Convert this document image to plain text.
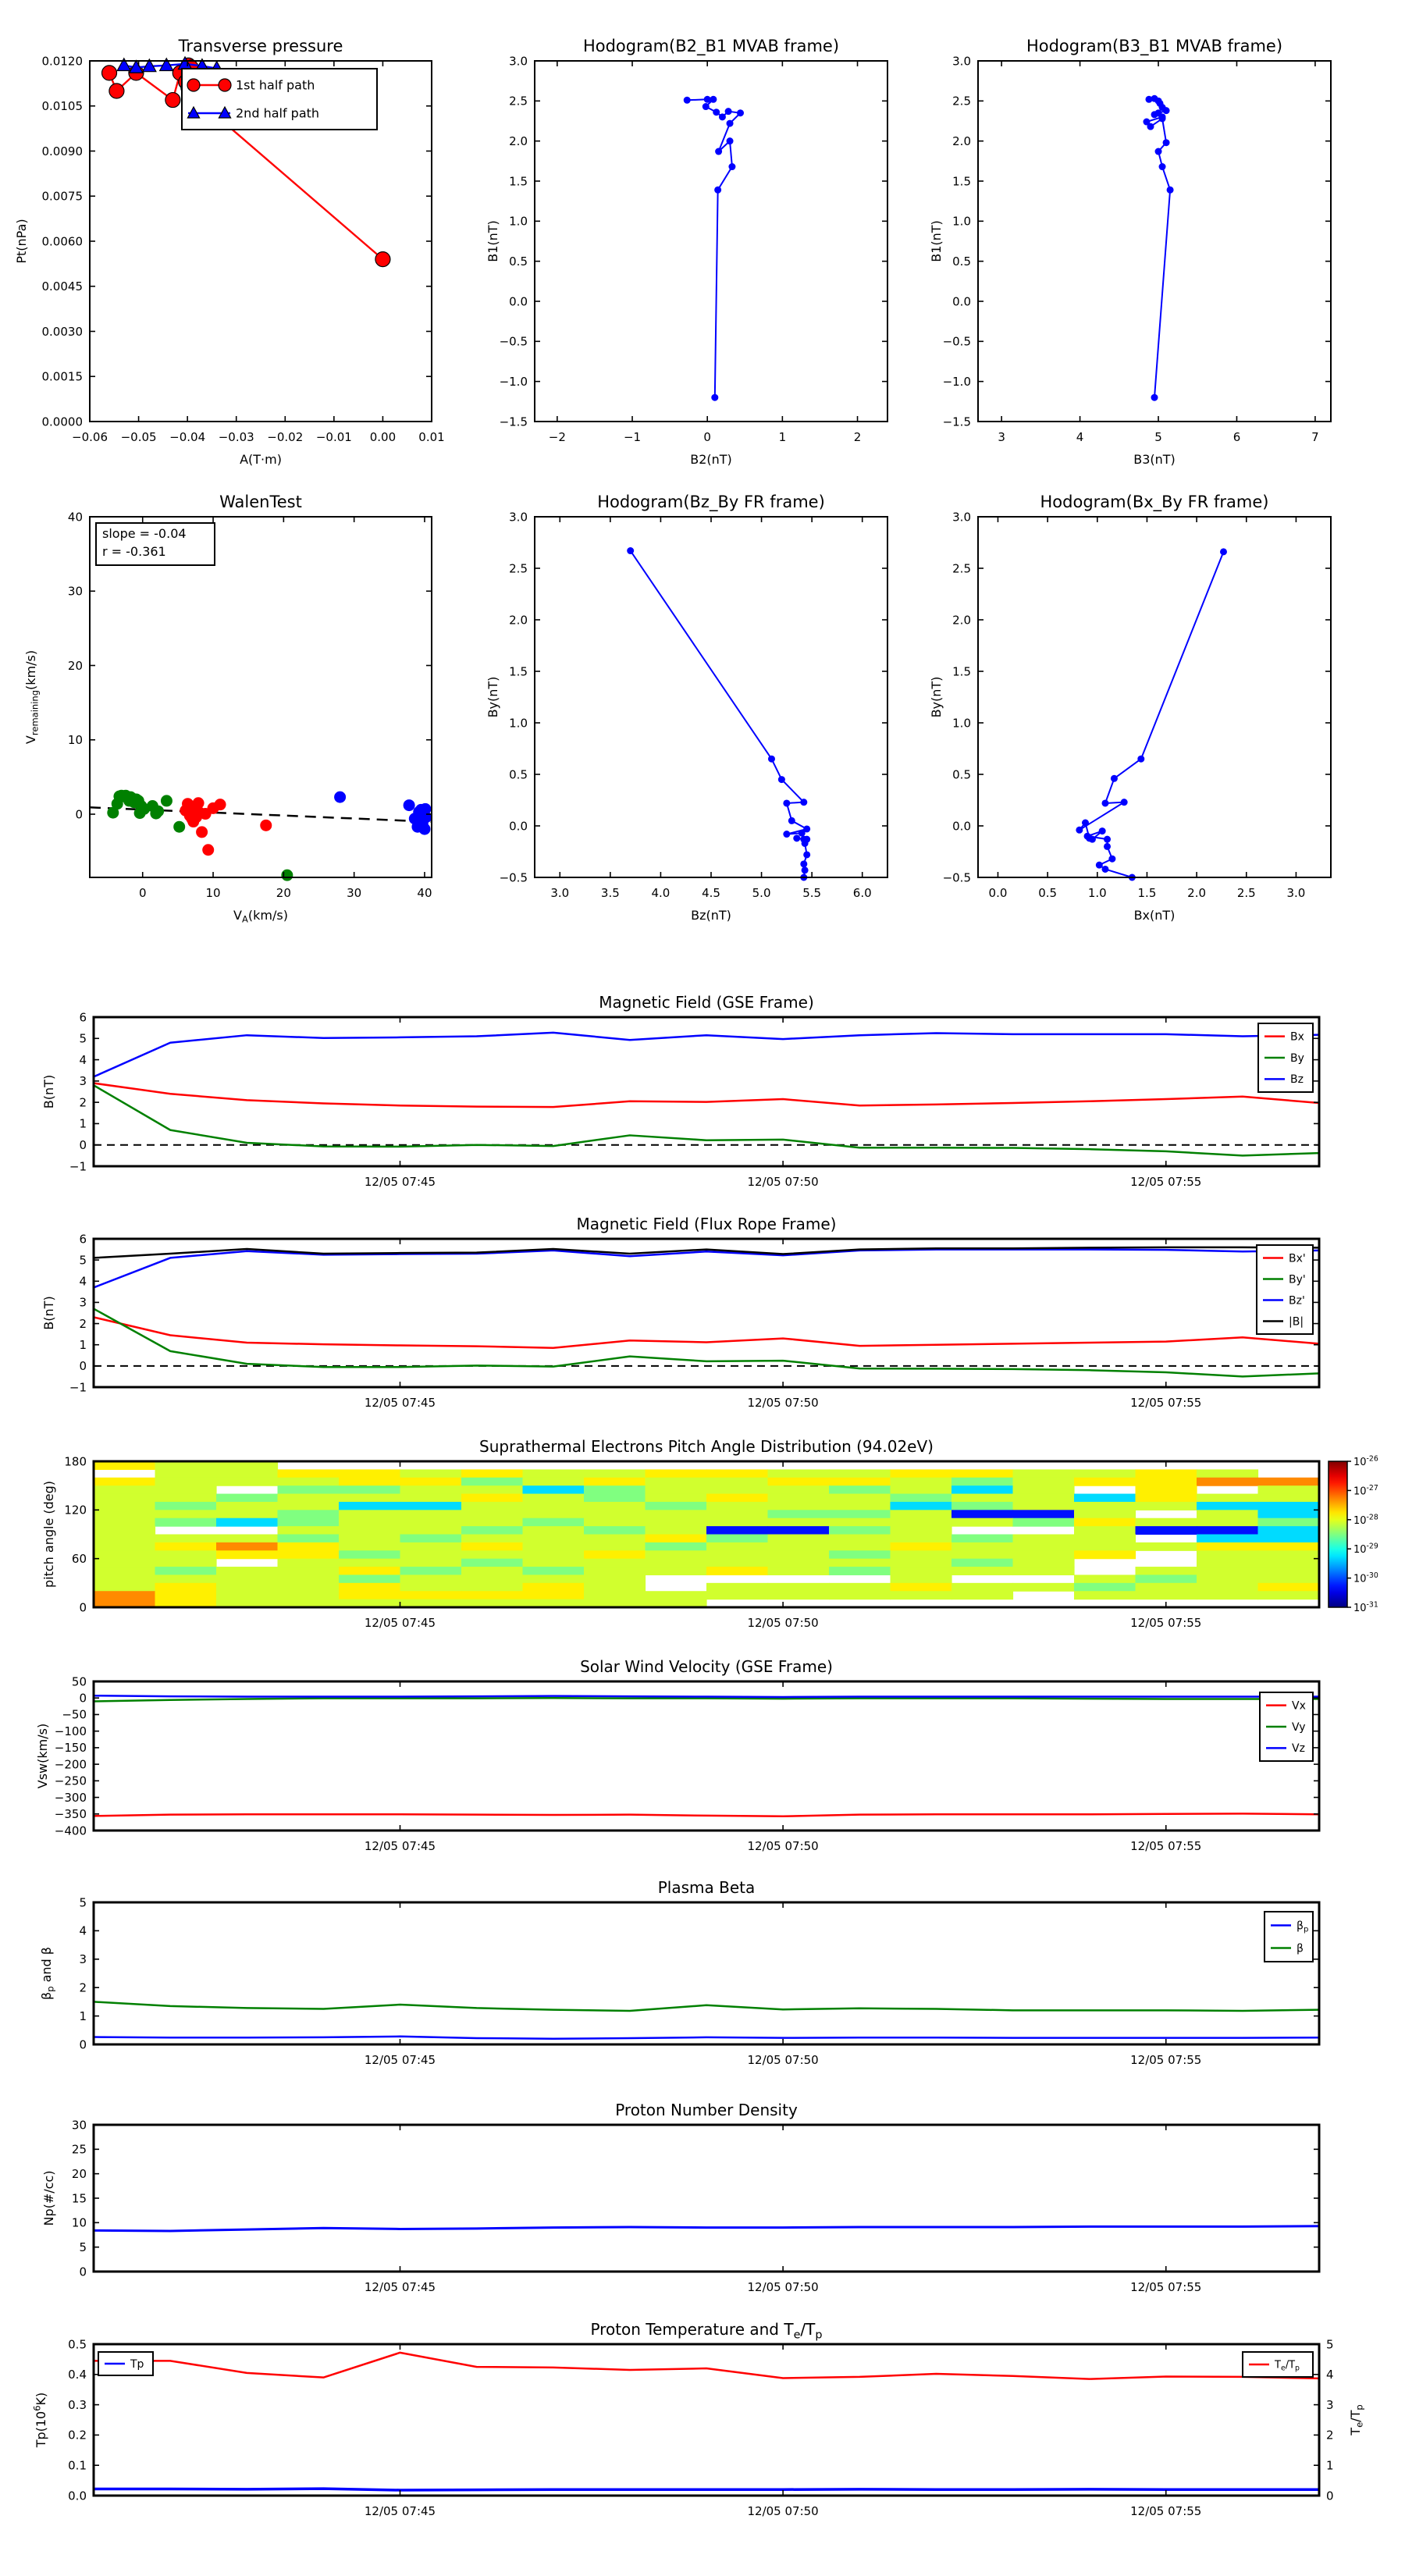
−0.06 −0.05 −0.04 −0.03 −0.02 −0.01 0.00 0.01
0.0000
0.0015
0.0030
0.0045
0.0060
0.0075
0.0090
0.0105
0.0120
Transverse pressure
A(T·m)
Pt(nPa)
1st half path
2nd half path
−2	−1	0	1	2
−1.5
−1.0
−0.5
0.0
0.5
1.0
1.5
2.0
2.5
3.0
Hodogram(B2_B1 MVAB frame)
B2(nT)
B1(nT)
3	4	5	6	7
−1.5
−1.0
−0.5
0.0
0.5
1.0
1.5
2.0
2.5
3.0
Hodogram(B3_B1 MVAB frame)
B3(nT)
B1(nT)
0	10	20	30	40
0
10
20
30
40
WalenTest
$V_A(km/s)$
$V_{remaining}(km/s)$
slope = -0.04
r = -0.361
3.0	3.5	4.0	4.5	5.0	5.5	6.0
−0.5
0.0
0.5
1.0
1.5
2.0
2.5
3.0
Hodogram(Bz_By FR frame)
Bz(nT)
By(nT)
0.0	0.5	1.0	1.5	2.0	2.5	3.0
−0.5
0.0
0.5
1.0
1.5
2.0
2.5
3.0
Hodogram(Bx_By FR frame)
Bx(nT)
By(nT)
12/05 07:45	12/05 07:50	12/05 07:55
−1
0
1
2
3
4
5
6
Magnetic Field (GSE Frame)
B(nT)
Bx
By
Bz
12/05 07:45	12/05 07:50	12/05 07:55
−1
0
1
2
3
4
5
6
Magnetic Field (Flux Rope Frame)
B(nT)
Bx'
By'
Bz'
|B|
12/05 07:45	12/05 07:50	12/05 07:55
0
60
120
180
Suprathermal Electrons Pitch Angle Distribution (94.02eV)
pitch angle (deg)
$10^{-26}$
$10^{-27}$
$10^{-28}$
$10^{-29}$
$10^{-30}$
$10^{-31}$
12/05 07:45	12/05 07:50	12/05 07:55
50
0
−50
−100
−150
−200
−250
−300
−350
−400
Solar Wind Velocity (GSE Frame)
Vsw(km/s)
Vx
Vy
Vz
12/05 07:45	12/05 07:50	12/05 07:55
0
1
2
3
4
5
Plasma Beta
$\beta_p$ and β
$\beta_p$
β
12/05 07:45	12/05 07:50	12/05 07:55
0
5
10
15
20
25
30
Proton Number Density
Np(#/cc)
12/05 07:45	12/05 07:50	12/05 07:55
0.0
0.1
0.2
0.3
0.4
0.5
0
1
2
3
4
5
$T_e/T_p$
Proton Temperature and $T_e/T_p$
$Tp(10^6K)$
Tp	$T_e/T_p$
